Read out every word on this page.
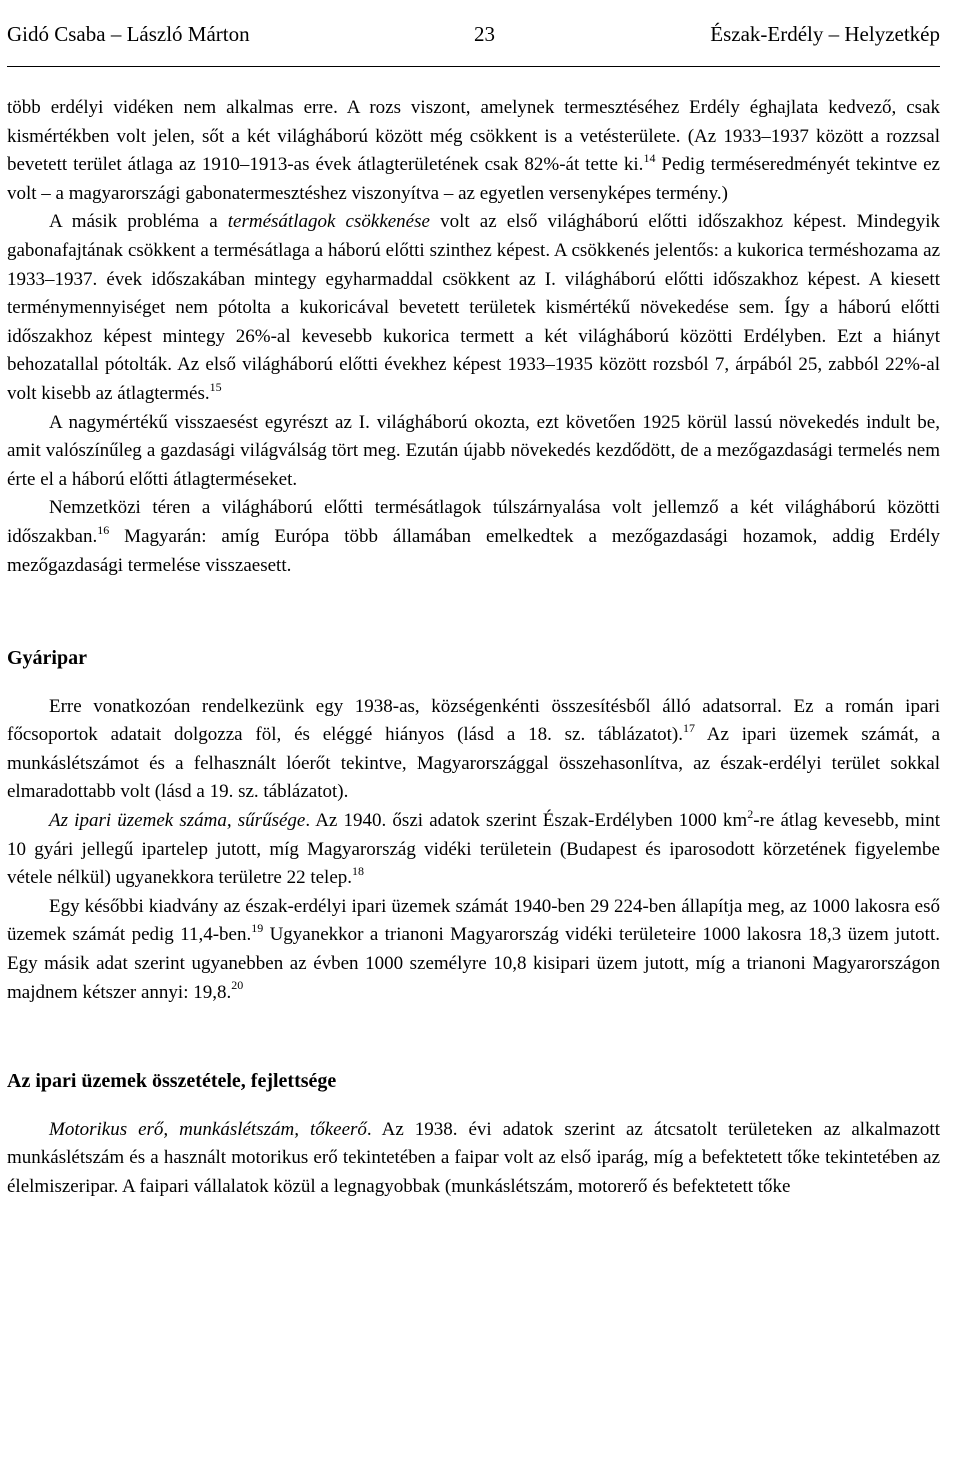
Gidó Csaba – László Márton	23	Észak-Erdély – Helyzetkép

több erdélyi vidéken nem alkalmas erre. A rozs viszont, amelynek termesztéséhez Erdély éghajlata kedvező, csak kismértékben volt jelen, sőt a két világháború között még csökkent is a vetésterülete. (Az 1933–1937 között a rozzsal bevetett terület átlaga az 1910–1913-as évek átlagterületének csak 82%-át tette ki.$^{14}$ Pedig terméseredményét tekintve ez volt – a magyarországi gabonatermesztéshez viszonyítva – az egyetlen versenyképes termény.)

A másik probléma a termésátlagok csökkenése volt az első világháború előtti időszakhoz képest. Mindegyik gabonafajtának csökkent a termésátlaga a háború előtti szinthez képest. A csökkenés jelentős: a kukorica terméshozama az 1933–1937. évek időszakában mintegy egyharmaddal csökkent az I. világháború előtti időszakhoz képest. A kiesett terménymennyiséget nem pótolta a kukoricával bevetett területek kismértékű növekedése sem. Így a háború előtti időszakhoz képest mintegy 26%-al kevesebb kukorica termett a két világháború közötti Erdélyben. Ezt a hiányt behozatallal pótolták. Az első világháború előtti évekhez képest 1933–1935 között rozsból 7, árpából 25, zabból 22%-al volt kisebb az átlagtermés.$^{15}$

A nagymértékű visszaesést egyrészt az I. világháború okozta, ezt követően 1925 körül lassú növekedés indult be, amit valószínűleg a gazdasági világválság tört meg. Ezután újabb növekedés kezdődött, de a mezőgazdasági termelés nem érte el a háború előtti átlagterméseket.

Nemzetközi téren a világháború előtti termésátlagok túlszárnyalása volt jellemző a két világháború közötti időszakban.$^{16}$ Magyarán: amíg Európa több államában emelkedtek a mezőgazdasági hozamok, addig Erdély mezőgazdasági termelése visszaesett.

Gyáripar

Erre vonatkozóan rendelkezünk egy 1938-as, községenkénti összesítésből álló adatsorral. Ez a román ipari főcsoportok adatait dolgozza föl, és eléggé hiányos (lásd a 18. sz. táblázatot).$^{17}$ Az ipari üzemek számát, a munkáslétszámot és a felhasznált lóerőt tekintve, Magyarországgal összehasonlítva, az észak-erdélyi terület sokkal elmaradottabb volt (lásd a 19. sz. táblázatot).

Az ipari üzemek száma, sűrűsége. Az 1940. őszi adatok szerint Észak-Erdélyben 1000 $km^2-re$ átlag kevesebb, mint 10 gyári jellegű ipartelep jutott, míg Magyarország vidéki területein (Budapest és iparosodott körzetének figyelembe vétele nélkül) ugyanekkora területre 22 telep.$^{18}$

Egy későbbi kiadvány az észak-erdélyi ipari üzemek számát 1940-ben 29 224-ben állapítja meg, az 1000 lakosra eső üzemek számát pedig 11,4-ben.$^{19}$ Ugyanekkor a trianoni Magyarország vidéki területeire 1000 lakosra 18,3 üzem jutott. Egy másik adat szerint ugyanebben az évben 1000 személyre 10,8 kisipari üzem jutott, míg a trianoni Magyarországon majdnem kétszer annyi: 19,8.20

Az ipari üzemek összetétele, fejlettsége

Motorikus erő, munkáslétszám, tőkeerő. Az 1938. évi adatok szerint az átcsatolt területeken az alkalmazott munkáslétszám és a használt motorikus erő tekintetében a faipar volt az első iparág, míg a befektetett tőke tekintetében az élelmiszeripar. A faipari vállalatok közül a legnagyobbak (munkáslétszám, motorerő és befektetett tőke
